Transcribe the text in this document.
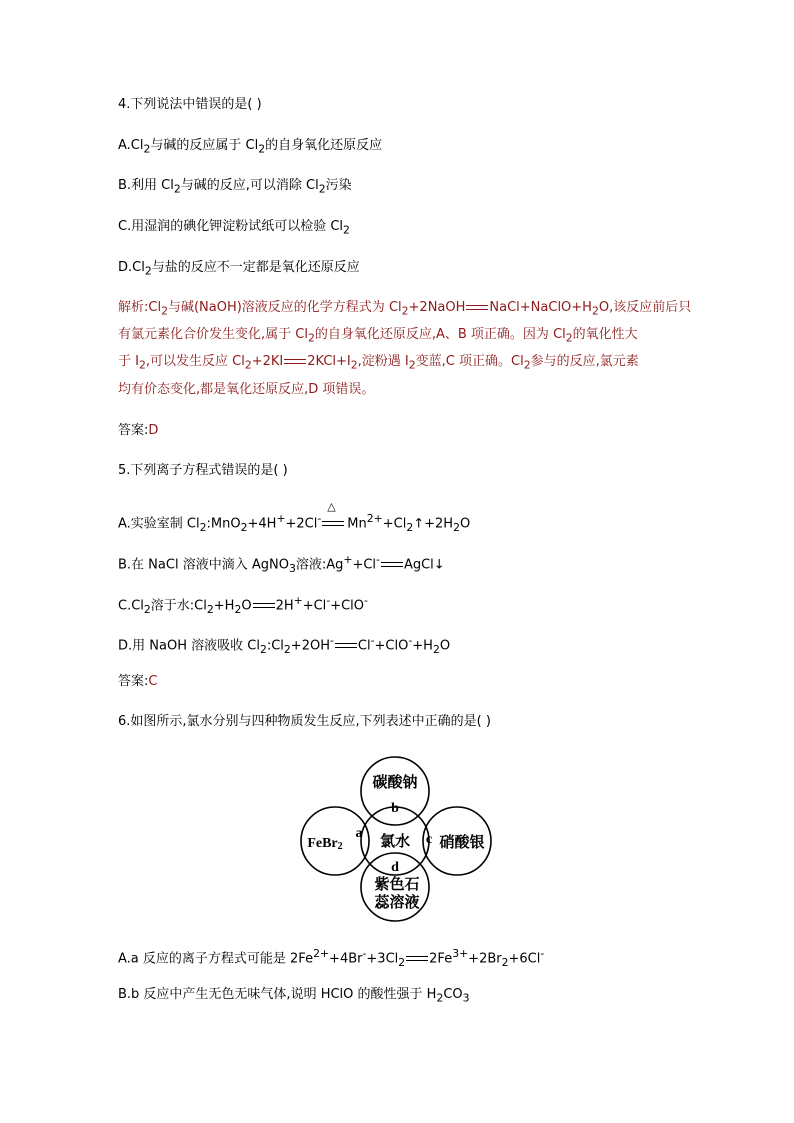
4.下列说法中错误的是( )
$A.Cl_2$与碱的反应属于 $Cl_2$的自身氧化还原反应
B.利用 $Cl_2$与碱的反应,可以消除 $Cl_2$污染
C.用湿润的碘化钾淀粉试纸可以检验 $Cl_2$
$D.Cl_2$与盐的反应不一定都是氧化还原反应
解析$:Cl_2$与碱(NaOH)溶液反应的化学方程式为 $Cl_2+2NaOH$ $NaCl+NaClO+H_2O$,该反应前后只
有氯元素化合价发生变化,属于 $Cl_2$的自身氧化还原反应,A、B 项正确。因为 $Cl_2$的氧化性大
于 $I_2$,可以发生反应 $Cl_2+2KI$ $2KCl+I_2$,淀粉遇 $I_2$变蓝,C 项正确。$Cl_2$参与的反应,氯元素
均有价态变化,都是氧化还原反应,D 项错误。
答案:D
5.下列离子方程式错误的是( )
A.实验室制 $Cl_2:MnO_2+4H^++2Cl^-$
△
$Mn^{2+}+Cl_2↑+2H_2O$
B.在 NaCl 溶液中滴入 AgNO$_3$溶液:Ag++Cl- AgCl↓
$C.Cl_2$溶于水$:Cl_2+H_2O$ 2H++Cl-+ClO-
D.用 NaOH 溶液吸收 $Cl_2:Cl_2+2OH^-$ $Cl^-+ClO^-+H_2O$
答案:C
6.如图所示,氯水分别与四种物质发生反应,下列表述中正确的是( )
碳酸钠
b
FeBr2
a
氯水 c 硝酸银
d
紫色石
蕊溶液
A.a 反应的离子方程式可能是 $2Fe^{2+}+4Br^-+3Cl_2$ $2Fe^{3+}+2Br_2+6Cl^-$
B.b 反应中产生无色无味气体,说明 HClO 的酸性强于 $H_2CO_3$
